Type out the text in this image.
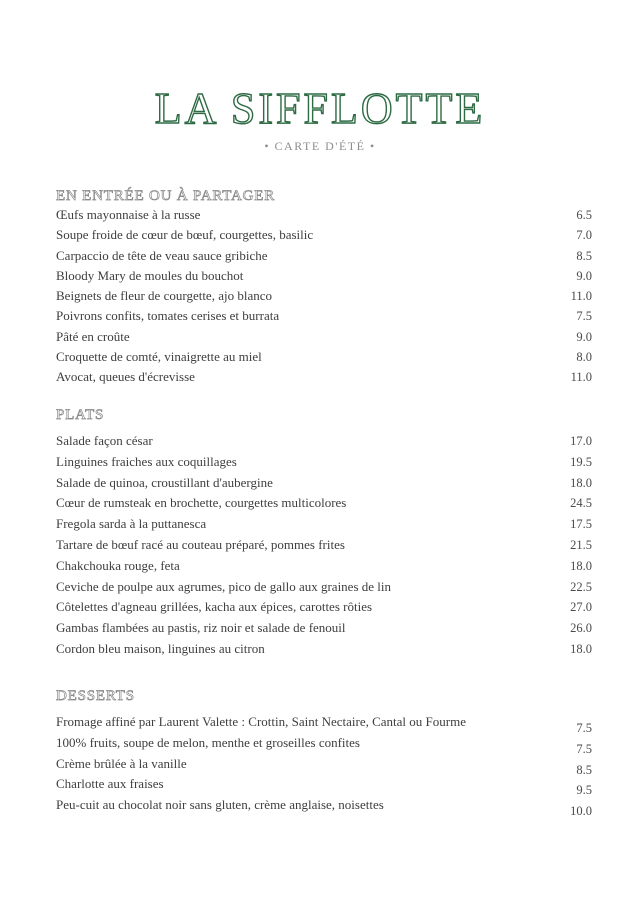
LA SIFFLOTTE
• CARTE D'ÉTÉ •
EN ENTRÉE OU À PARTAGER
Œufs mayonnaise à la russe	6.5
Soupe froide de cœur de bœuf, courgettes, basilic	7.0
Carpaccio de tête de veau sauce gribiche	8.5
Bloody Mary de moules du bouchot	9.0
Beignets de fleur de courgette, ajo blanco	11.0
Poivrons confits, tomates cerises et burrata	7.5
Pâté en croûte	9.0
Croquette de comté, vinaigrette au miel	8.0
Avocat, queues d'écrevisse	11.0
PLATS
Salade façon césar	17.0
Linguines fraiches aux coquillages	19.5
Salade de quinoa, croustillant d'aubergine	18.0
Cœur de rumsteak en brochette, courgettes multicolores	24.5
Fregola sarda à la puttanesca	17.5
Tartare de bœuf racé au couteau préparé, pommes frites	21.5
Chakchouka rouge, feta	18.0
Ceviche de poulpe aux agrumes, pico de gallo aux graines de lin	22.5
Côtelettes d'agneau grillées, kacha aux épices, carottes rôties	27.0
Gambas flambées au pastis, riz noir et salade de fenouil	26.0
Cordon bleu maison, linguines au citron	18.0
DESSERTS
Fromage affiné par Laurent Valette : Crottin, Saint Nectaire, Cantal ou Fourme	7.5
100% fruits, soupe de melon, menthe et groseilles confites	7.5
Crème brûlée à la vanille	8.5
Charlotte aux fraises	9.5
Peu-cuit au chocolat noir sans gluten, crème anglaise, noisettes	10.0
